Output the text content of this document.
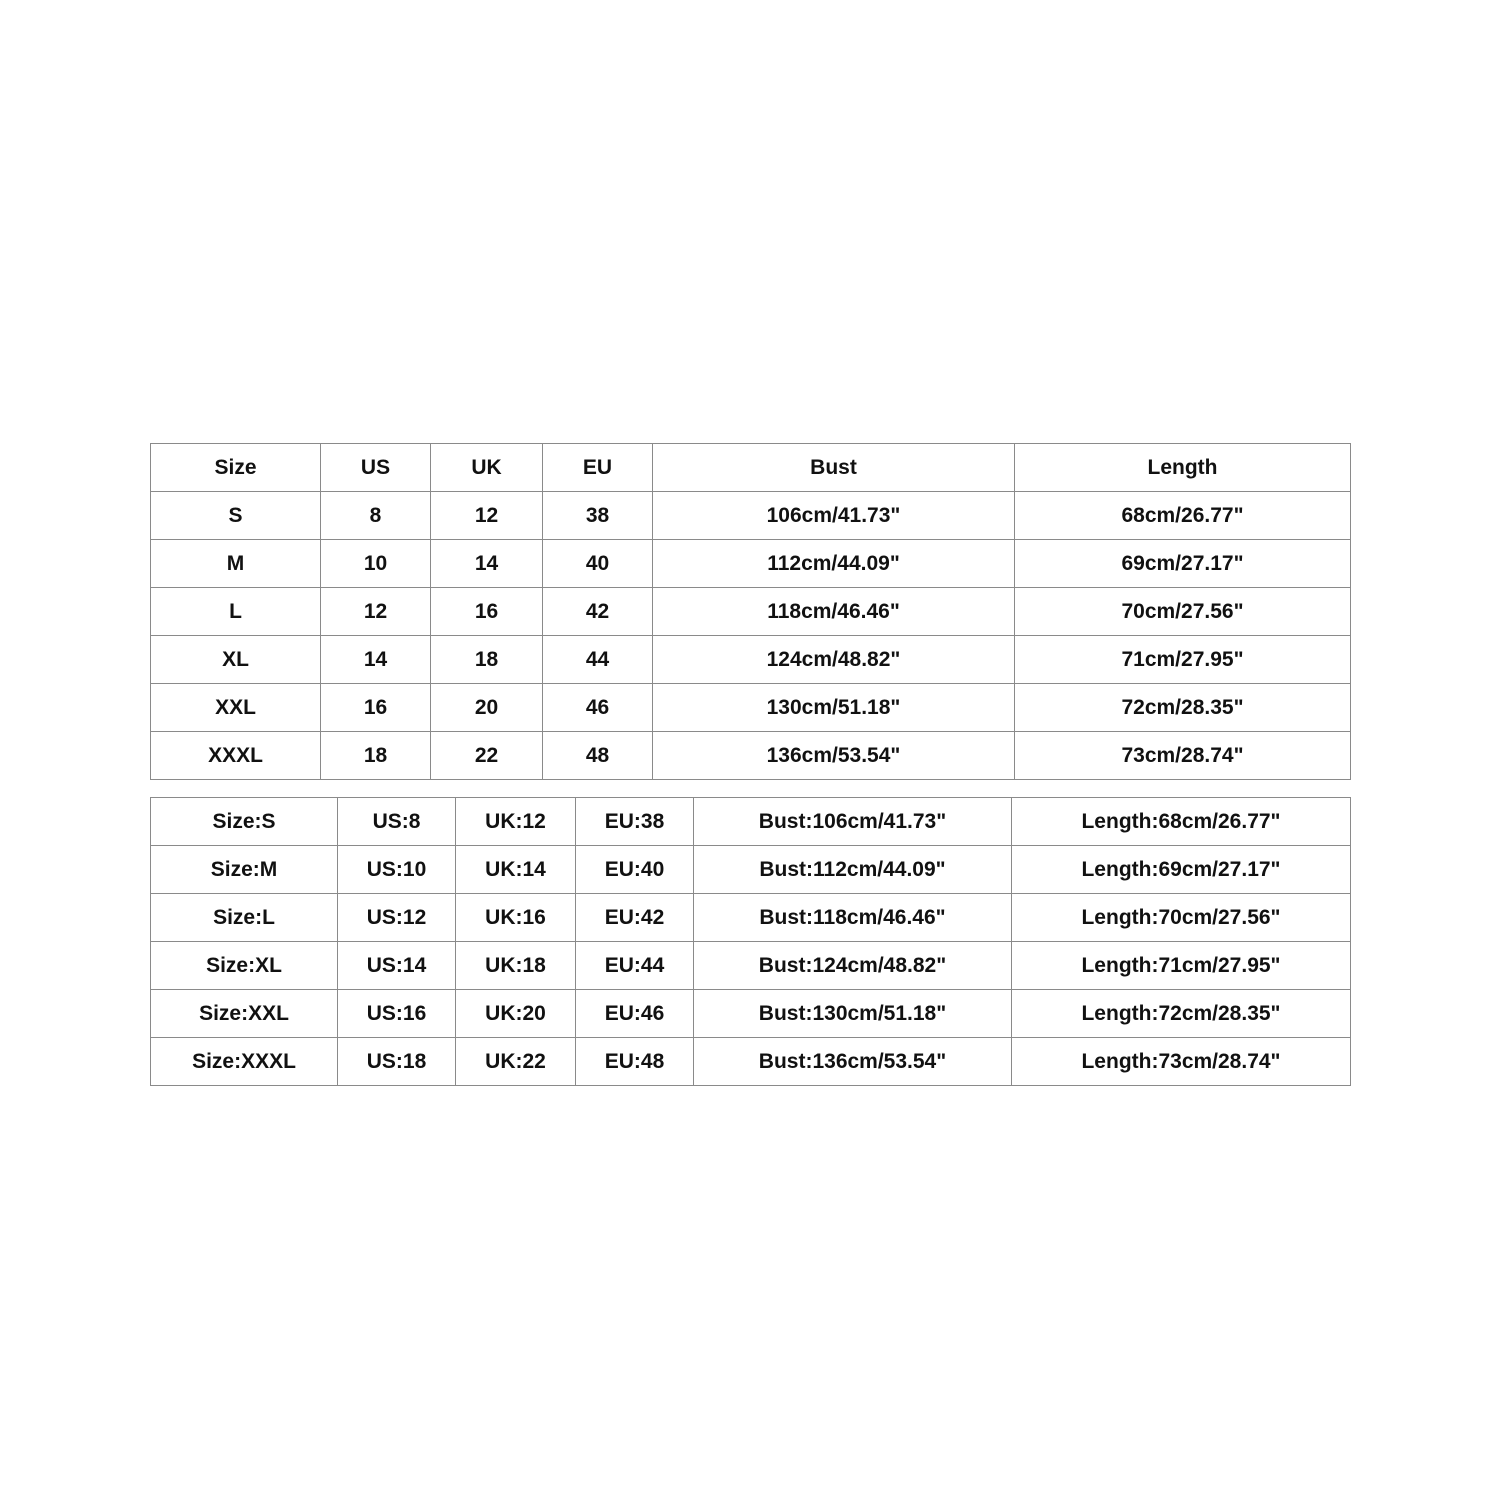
Size	US	UK	EU	Bust	Length
S	8	12	38	106cm/41.73"	68cm/26.77"
M	10	14	40	112cm/44.09"	69cm/27.17"
L	12	16	42	118cm/46.46"	70cm/27.56"
XL	14	18	44	124cm/48.82"	71cm/27.95"
XXL	16	20	46	130cm/51.18"	72cm/28.35"
XXXL	18	22	48	136cm/53.54"	73cm/28.74"
Size:S	US:8	UK:12	EU:38	Bust:106cm/41.73"	Length:68cm/26.77"
Size:M	US:10	UK:14	EU:40	Bust:112cm/44.09"	Length:69cm/27.17"
Size:L	US:12	UK:16	EU:42	Bust:118cm/46.46"	Length:70cm/27.56"
Size:XL	US:14	UK:18	EU:44	Bust:124cm/48.82"	Length:71cm/27.95"
Size:XXL	US:16	UK:20	EU:46	Bust:130cm/51.18"	Length:72cm/28.35"
Size:XXXL	US:18	UK:22	EU:48	Bust:136cm/53.54"	Length:73cm/28.74"
